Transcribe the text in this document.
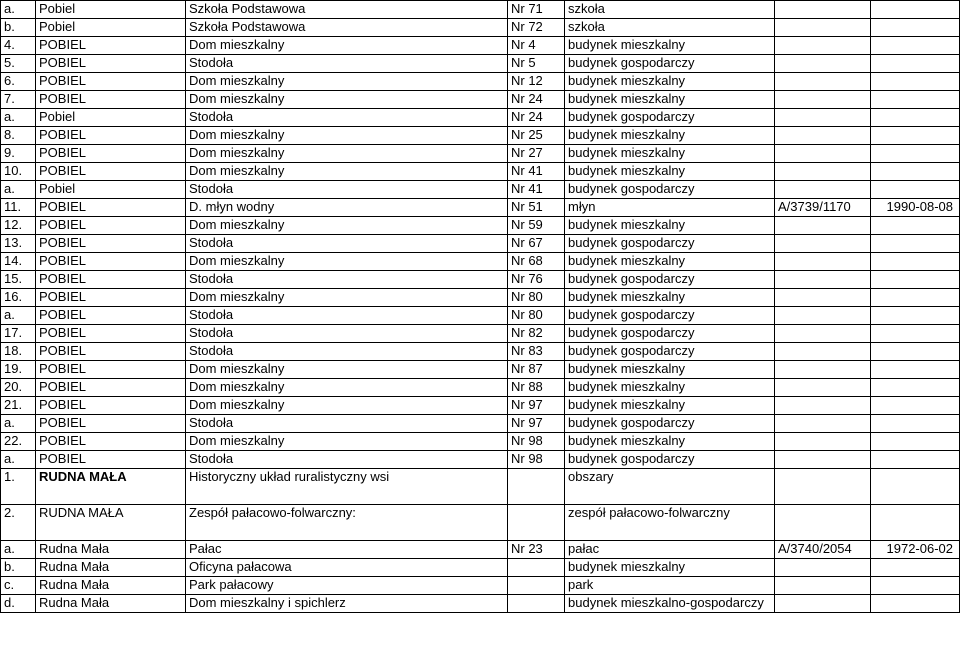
a.	Pobiel	Szkoła Podstawowa	Nr 71	szkoła		
b.	Pobiel	Szkoła Podstawowa	Nr 72	szkoła		
4.	POBIEL	Dom mieszkalny	Nr 4	budynek mieszkalny		
5.	POBIEL	Stodoła	Nr 5	budynek gospodarczy		
6.	POBIEL	Dom mieszkalny	Nr 12	budynek mieszkalny		
7.	POBIEL	Dom mieszkalny	Nr 24	budynek mieszkalny		
a.	Pobiel	Stodoła	Nr 24	budynek gospodarczy		
8.	POBIEL	Dom mieszkalny	Nr 25	budynek mieszkalny		
9.	POBIEL	Dom mieszkalny	Nr 27	budynek mieszkalny		
10.	POBIEL	Dom mieszkalny	Nr 41	budynek mieszkalny		
a.	Pobiel	Stodoła	Nr 41	budynek gospodarczy		
11.	POBIEL	D. młyn wodny	Nr 51	młyn	A/3739/1170	1990-08-08
12.	POBIEL	Dom mieszkalny	Nr 59	budynek mieszkalny		
13.	POBIEL	Stodoła	Nr 67	budynek gospodarczy		
14.	POBIEL	Dom mieszkalny	Nr 68	budynek mieszkalny		
15.	POBIEL	Stodoła	Nr 76	budynek gospodarczy		
16.	POBIEL	Dom mieszkalny	Nr 80	budynek mieszkalny		
a.	POBIEL	Stodoła	Nr 80	budynek gospodarczy		
17.	POBIEL	Stodoła	Nr 82	budynek gospodarczy		
18.	POBIEL	Stodoła	Nr 83	budynek gospodarczy		
19.	POBIEL	Dom mieszkalny	Nr 87	budynek mieszkalny		
20.	POBIEL	Dom mieszkalny	Nr 88	budynek mieszkalny		
21.	POBIEL	Dom mieszkalny	Nr 97	budynek mieszkalny		
a.	POBIEL	Stodoła	Nr 97	budynek gospodarczy		
22.	POBIEL	Dom mieszkalny	Nr 98	budynek mieszkalny		
a.	POBIEL	Stodoła	Nr 98	budynek gospodarczy		
1.	RUDNA MAŁA	Historyczny układ ruralistyczny wsi		obszary		
2.	RUDNA MAŁA	Zespół pałacowo-folwarczny:		zespół pałacowo-folwarczny		
a.	Rudna Mała	Pałac	Nr 23	pałac	A/3740/2054	1972-06-02
b.	Rudna Mała	Oficyna pałacowa		budynek mieszkalny		
c.	Rudna Mała	Park pałacowy		park		
d.	Rudna Mała	Dom mieszkalny i spichlerz		budynek mieszkalno-gospodarczy		
